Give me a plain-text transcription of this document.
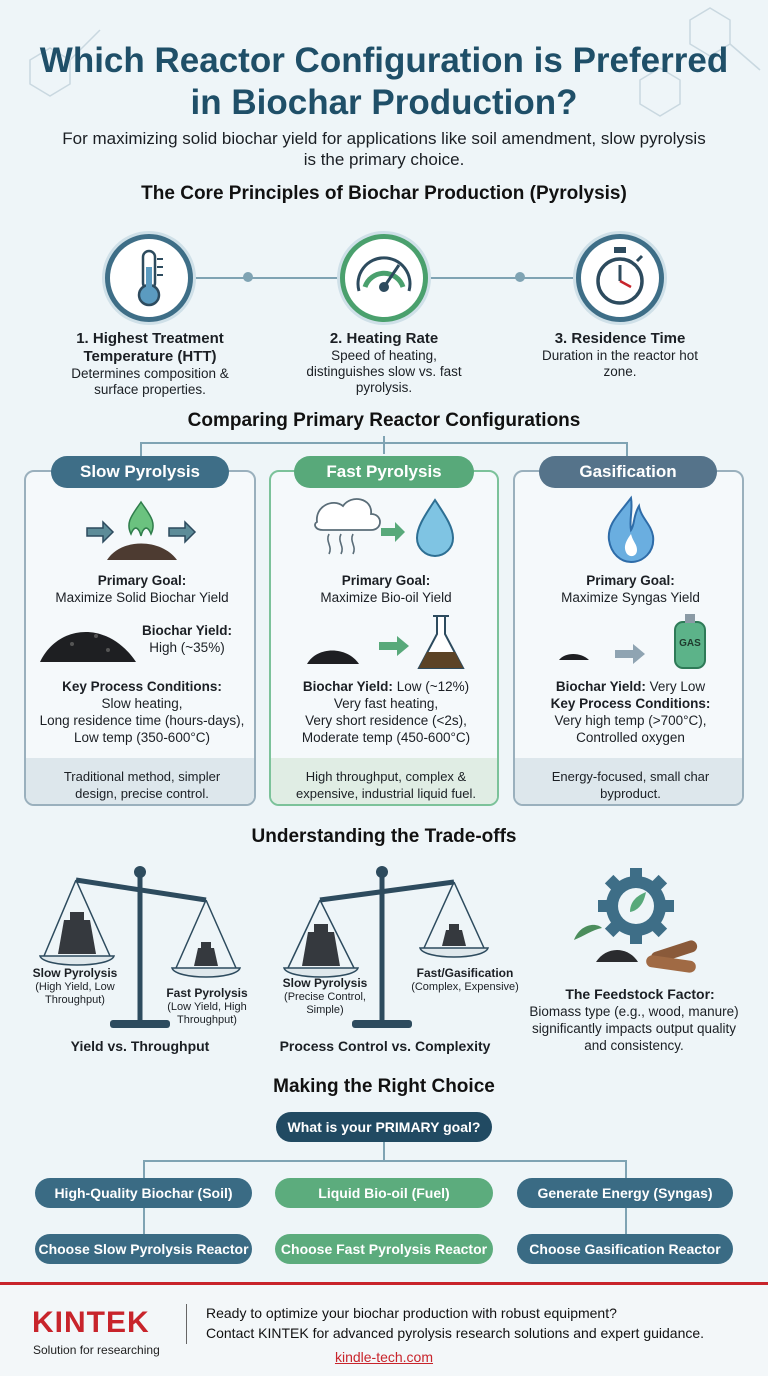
Which Reactor Configuration is Preferred in Biochar Production?
For maximizing solid biochar yield for applications like soil amendment, slow pyrolysis is the primary choice.
The Core Principles of Biochar Production (Pyrolysis)
1. Highest Treatment Temperature (HTT)
Determines composition & surface properties.
2. Heating Rate
Speed of heating, distinguishes slow vs. fast pyrolysis.
3. Residence Time
Duration in the reactor hot zone.
Comparing Primary Reactor Configurations
Primary Goal:
Maximize Solid Biochar Yield
Biochar Yield:
High (~35%)
Key Process Conditions:
Slow heating,
Long residence time (hours-days),
Low temp (350-600°C)
Traditional method, simpler design, precise control.
Slow Pyrolysis
Primary Goal:
Maximize Bio-oil Yield
Biochar Yield: Low (~12%)
Very fast heating,
Very short residence (<2s),
Moderate temp (450-600°C)
High throughput, complex & expensive, industrial liquid fuel.
Fast Pyrolysis
Primary Goal:
Maximize Syngas Yield
GAS
Biochar Yield: Very Low
Key Process Conditions:
Very high temp (>700°C),
Controlled oxygen
Energy-focused, small char byproduct.
Gasification
Understanding the Trade-offs
Slow Pyrolysis
(High Yield, Low Throughput)	Fast Pyrolysis
(Low Yield, High Throughput)
Yield vs. Throughput
Slow Pyrolysis
(Precise Control, Simple)
Fast/Gasification
(Complex, Expensive)
Process Control vs. Complexity
The Feedstock Factor:
Biomass type (e.g., wood, manure) significantly impacts output quality and consistency.
Making the Right Choice
What is your PRIMARY goal?
High-Quality Biochar (Soil)	Liquid Bio-oil (Fuel)	Generate Energy (Syngas)
Choose Slow Pyrolysis Reactor	Choose Fast Pyrolysis Reactor	Choose Gasification Reactor
KINTEK
Solution for researching
Ready to optimize your biochar production with robust equipment?
Contact KINTEK for advanced pyrolysis research solutions and expert guidance.
kindle-tech.com
